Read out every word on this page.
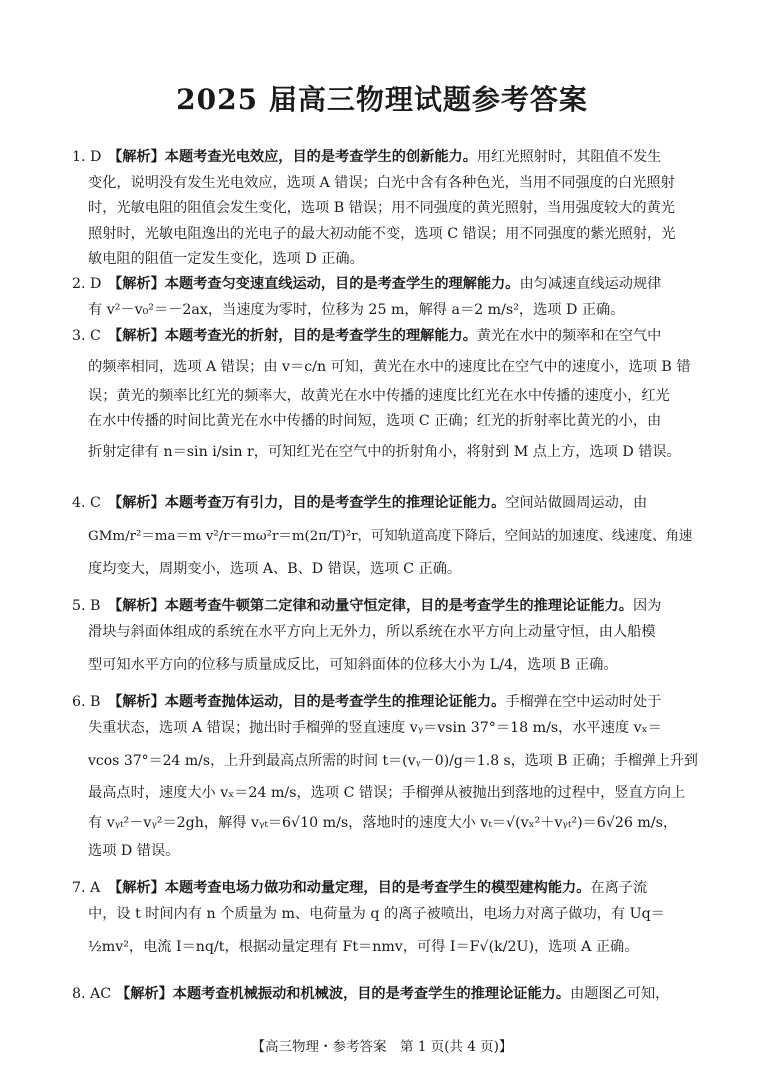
2025 届高三物理试题参考答案
1. D 【解析】本题考查光电效应，目的是考查学生的创新能力。用红光照射时，其阻值不发生
变化，说明没有发生光电效应，选项 A 错误；白光中含有各种色光，当用不同强度的白光照射
时，光敏电阻的阻值会发生变化，选项 B 错误；用不同强度的黄光照射，当用强度较大的黄光
照射时，光敏电阻逸出的光电子的最大初动能不变，选项 C 错误；用不同强度的紫光照射，光
敏电阻的阻值一定发生变化，选项 D 正确。
2. D 【解析】本题考查匀变速直线运动，目的是考查学生的理解能力。由匀减速直线运动规律
有 v²－v₀²＝－2ax，当速度为零时，位移为 25 m，解得 a＝2 m/s²，选项 D 正确。
3. C 【解析】本题考查光的折射，目的是考查学生的理解能力。黄光在水中的频率和在空气中
的频率相同，选项 A 错误；由 v＝c/n 可知，黄光在水中的速度比在空气中的速度小，选项 B 错
误；黄光的频率比红光的频率大，故黄光在水中传播的速度比红光在水中传播的速度小，红光
在水中传播的时间比黄光在水中传播的时间短，选项 C 正确；红光的折射率比黄光的小，由
折射定律有 n＝sin i/sin r，可知红光在空气中的折射角小，将射到 M 点上方，选项 D 错误。
4. C 【解析】本题考查万有引力，目的是考查学生的推理论证能力。空间站做圆周运动，由
GMm/r²＝ma＝m v²/r＝mω²r＝m(2π/T)²r，可知轨道高度下降后，空间站的加速度、线速度、角速
度均变大，周期变小，选项 A、B、D 错误，选项 C 正确。
5. B 【解析】本题考查牛顿第二定律和动量守恒定律，目的是考查学生的推理论证能力。因为
滑块与斜面体组成的系统在水平方向上无外力，所以系统在水平方向上动量守恒，由人船模
型可知水平方向的位移与质量成反比，可知斜面体的位移大小为 L/4，选项 B 正确。
6. B 【解析】本题考查抛体运动，目的是考查学生的推理论证能力。手榴弹在空中运动时处于
失重状态，选项 A 错误；抛出时手榴弹的竖直速度 vᵧ＝vsin 37°＝18 m/s，水平速度 vₓ＝
vcos 37°＝24 m/s，上升到最高点所需的时间 t＝(vᵧ－0)/g＝1.8 s，选项 B 正确；手榴弹上升到
最高点时，速度大小 vₓ＝24 m/s，选项 C 错误；手榴弹从被抛出到落地的过程中，竖直方向上
有 vᵧₜ²－vᵧ²＝2gh，解得 vᵧₜ＝6√10 m/s，落地时的速度大小 vₜ＝√(vₓ²＋vᵧₜ²)＝6√26 m/s，
选项 D 错误。
7. A 【解析】本题考查电场力做功和动量定理，目的是考查学生的模型建构能力。在离子流
中，设 t 时间内有 n 个质量为 m、电荷量为 q 的离子被喷出，电场力对离子做功，有 Uq＝
½mv²，电流 I＝nq/t，根据动量定理有 Ft＝nmv，可得 I＝F√(k/2U)，选项 A 正确。
8. AC 【解析】本题考查机械振动和机械波，目的是考查学生的推理论证能力。由题图乙可知，
【高三物理・参考答案　第 1 页(共 4 页)】
